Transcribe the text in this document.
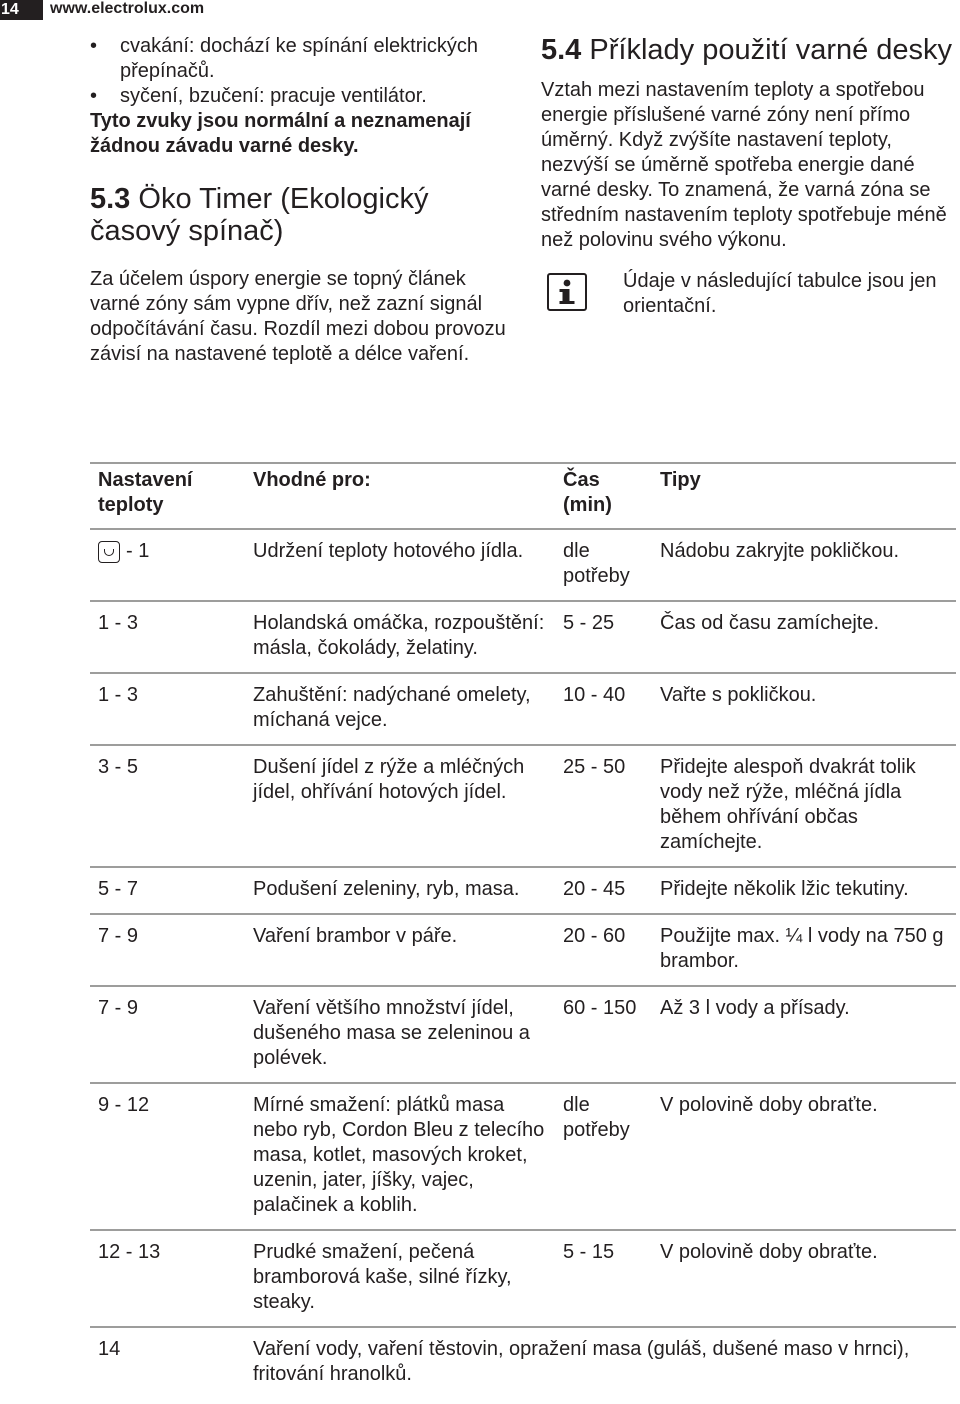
14	www.electrolux.com
• cvakání: dochází ke spínání elektrických přepínačů.
• syčení, bzučení: pracuje ventilátor.

Tyto zvuky jsou normální a neznamenají žádnou závadu varné desky.

5.3 Öko Timer (Ekologický časový spínač)

Za účelem úspory energie se topný článek varné zóny sám vypne dřív, než zazní signál odpočítávání času. Rozdíl mezi dobou provozu závisí na nastavené teplotě a délce vaření.

5.4 Příklady použití varné desky

Vztah mezi nastavením teploty a spotřebou energie příslušené varné zóny není přímo úměrný. Když zvýšíte nastavení teploty, nezvýší se úměrně spotřeba energie dané varné desky. To znamená, že varná zóna se středním nastavením teploty spotřebuje méně než polovinu svého výkonu.

Údaje v následující tabulce jsou jen orientační.
Nastavení teploty	Vhodné pro:	Čas (min)	Tipy

- 1	Udržení teploty hotového jídla.	dle potřeby	Nádobu zakryjte pokličkou.
1 - 3	Holandská omáčka, rozpouštění: másla, čokolády, želatiny.	5 - 25	Čas od času zamíchejte.
1 - 3	Zahuštění: nadýchané omelety, míchaná vejce.	10 - 40	Vařte s pokličkou.
3 - 5	Dušení jídel z rýže a mléčných jídel, ohřívání hotových jídel.	25 - 50	Přidejte alespoň dvakrát tolik vody než rýže, mléčná jídla během ohřívání občas zamíchejte.
5 - 7	Podušení zeleniny, ryb, masa.	20 - 45	Přidejte několik lžic tekutiny.
7 - 9	Vaření brambor v páře.	20 - 60	Použijte max. ¼ l vody na 750 g brambor.
7 - 9	Vaření většího množství jídel, dušeného masa se zeleninou a polévek.	60 - 150	Až 3 l vody a přísady.
9 - 12	Mírné smažení: plátků masa nebo ryb, Cordon Bleu z telecího masa, kotlet, masových kroket, uzenin, jater, jíšky, vajec, palačinek a koblih.	dle potřeby	V polovině doby obraťte.
12 - 13	Prudké smažení, pečená bramborová kaše, silné řízky, steaky.	5 - 15	V polovině doby obraťte.
14	Vaření vody, vaření těstovin, opražení masa (guláš, dušené maso v hrnci), fritování hranolků.		
